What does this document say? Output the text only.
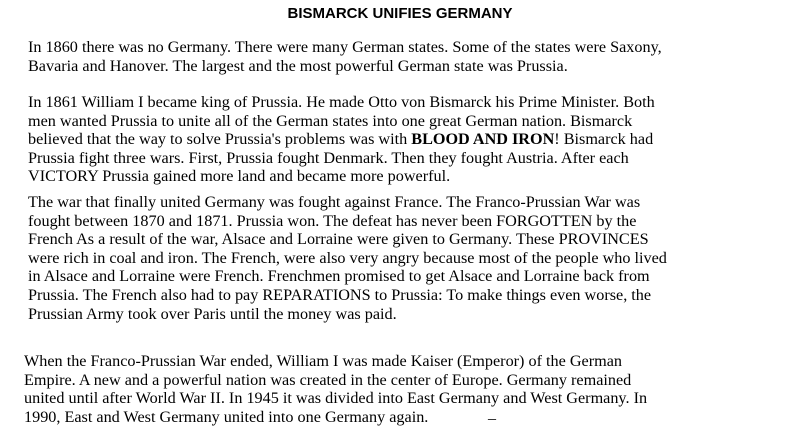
BISMARCK UNIFIES GERMANY

In 1860 there was no Germany. There were many German states. Some of the states were Saxony,
Bavaria and Hanover. The largest and the most powerful German state was Prussia.

In 1861 William I became king of Prussia. He made Otto von Bismarck his Prime Minister. Both
men wanted Prussia to unite all of the German states into one great German nation. Bismarck
believed that the way to solve Prussia's problems was with BLOOD AND IRON! Bismarck had
Prussia fight three wars. First, Prussia fought Denmark. Then they fought Austria. After each
VICTORY Prussia gained more land and became more powerful.

The war that finally united Germany was fought against France. The Franco-Prussian War was
fought between 1870 and 1871. Prussia won. The defeat has never been FORGOTTEN by the
French As a result of the war, Alsace and Lorraine were given to Germany. These PROVINCES
were rich in coal and iron. The French, were also very angry because most of the people who lived
in Alsace and Lorraine were French. Frenchmen promised to get Alsace and Lorraine back from
Prussia. The French also had to pay REPARATIONS to Prussia: To make things even worse, the
Prussian Army took over Paris until the money was paid.

When the Franco-Prussian War ended, William I was made Kaiser (Emperor) of the German
Empire. A new and a powerful nation was created in the center of Europe. Germany remained
united until after World War II. In 1945 it was divided into East Germany and West Germany. In
1990, East and West Germany united into one Germany again.	_
